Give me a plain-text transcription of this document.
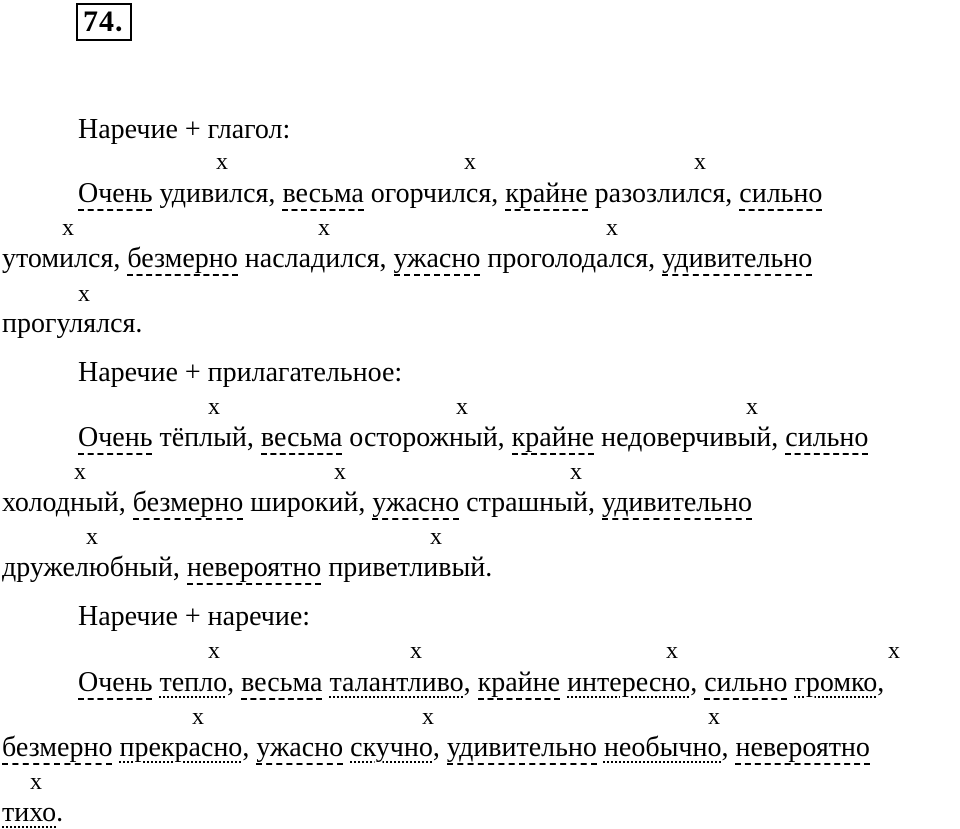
74.
Наречие + глагол:
x	x	x
Очень удивился, весьма огорчился, крайне разозлился, сильно
x	x	x
утомился, безмерно насладился, ужасно проголодался, удивительно
x
прогулялся.
Наречие + прилагательное:
x	x	x
Очень тёплый, весьма осторожный, крайне недоверчивый, сильно
x	x	x
холодный, безмерно широкий, ужасно страшный, удивительно
x	x
дружелюбный, невероятно приветливый.
Наречие + наречие:
x	x	x	x
Очень тепло, весьма талантливо, крайне интересно, сильно громко,
x	x	x
безмерно прекрасно, ужасно скучно, удивительно необычно, невероятно
x
тихо.
